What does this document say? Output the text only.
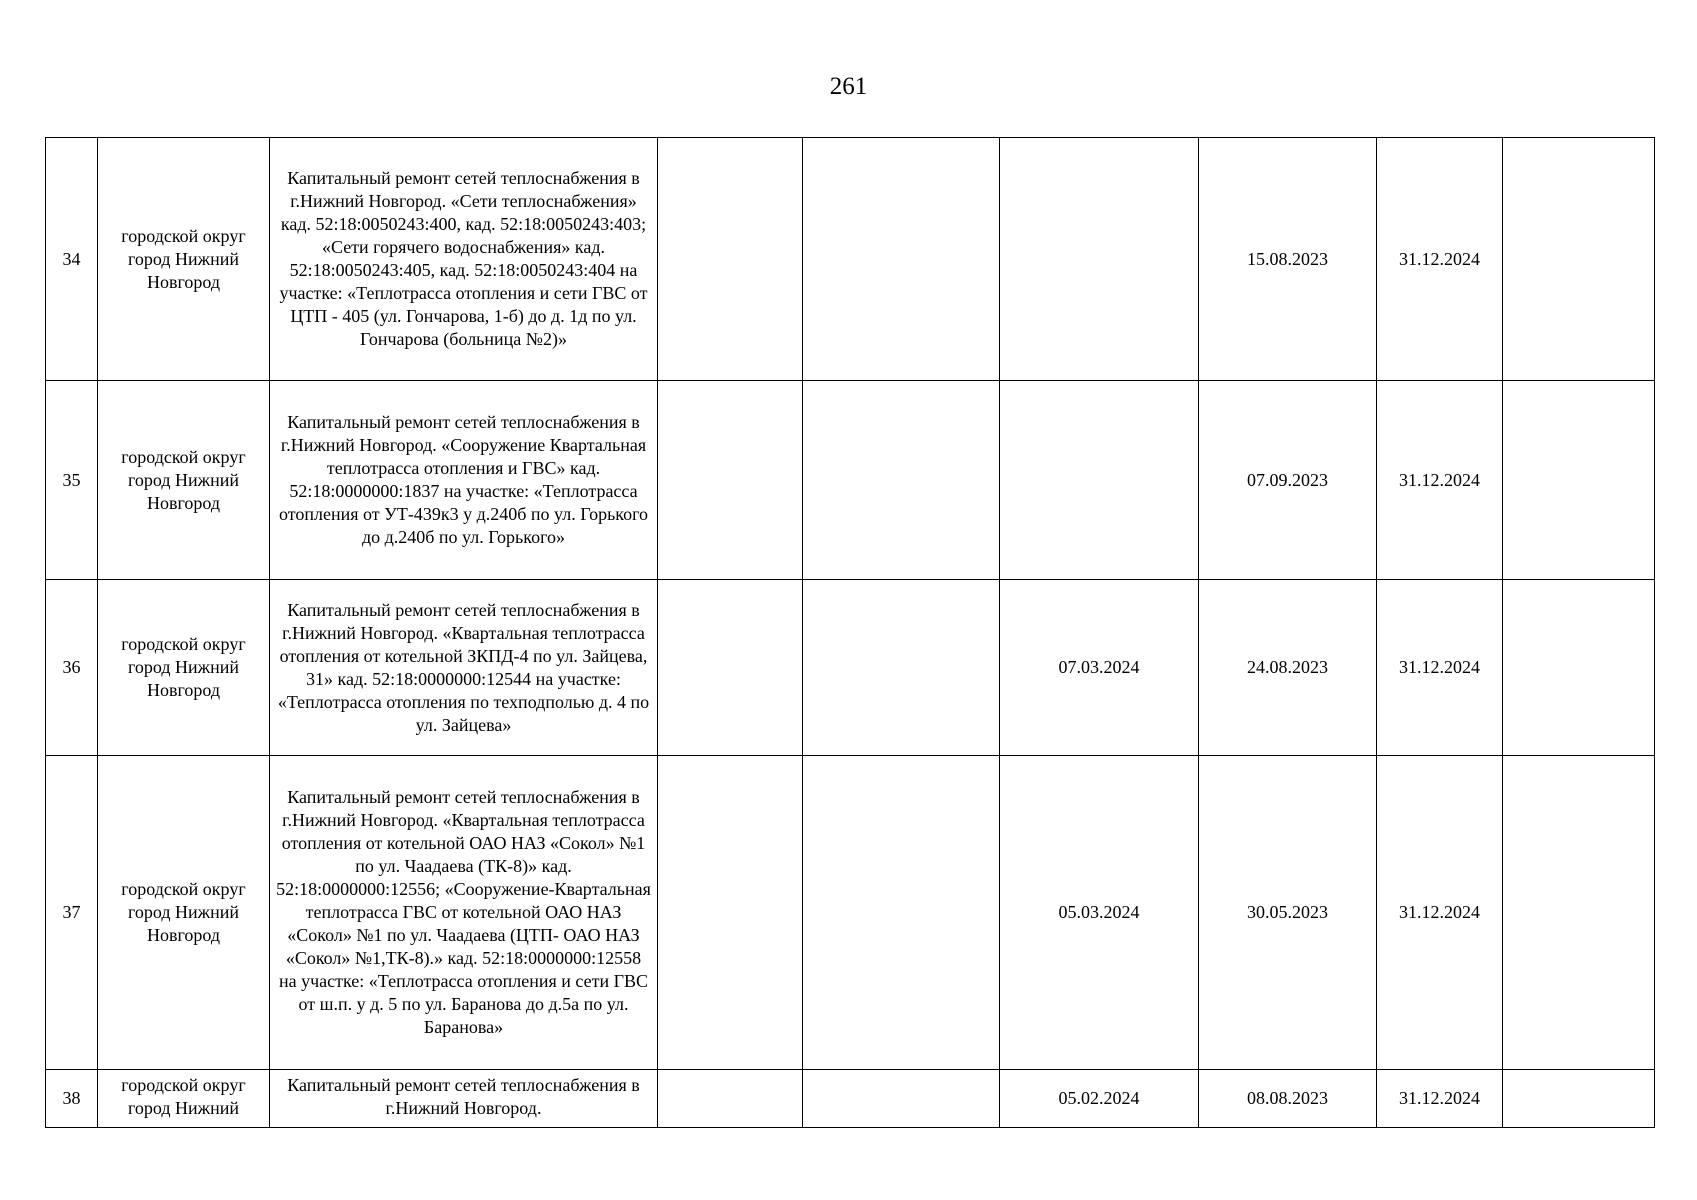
261
34	городской округ город Нижний Новгород	Капитальный ремонт сетей теплоснабжения в г.Нижний Новгород. «Сети теплоснабжения» кад. 52:18:0050243:400, кад. 52:18:0050243:403; «Сети горячего водоснабжения» кад. 52:18:0050243:405, кад. 52:18:0050243:404 на участке: «Теплотрасса отопления и сети ГВС от ЦТП - 405 (ул. Гончарова, 1-б) до д. 1д по ул. Гончарова (больница №2)»				15.08.2023	31.12.2024	
35	городской округ город Нижний Новгород	Капитальный ремонт сетей теплоснабжения в г.Нижний Новгород. «Сооружение Квартальная теплотрасса отопления и ГВС» кад. 52:18:0000000:1837 на участке: «Теплотрасса отопления от УТ-439к3 у д.240б по ул. Горького до д.240б по ул. Горького»				07.09.2023	31.12.2024	
36	городской округ город Нижний Новгород	Капитальный ремонт сетей теплоснабжения в г.Нижний Новгород. «Квартальная теплотрасса отопления от котельной ЗКПД-4 по ул. Зайцева, 31» кад. 52:18:0000000:12544 на участке: «Теплотрасса отопления по техподполью д. 4 по ул. Зайцева»			07.03.2024	24.08.2023	31.12.2024	
37	городской округ город Нижний Новгород	Капитальный ремонт сетей теплоснабжения в г.Нижний Новгород. «Квартальная теплотрасса отопления от котельной ОАО НАЗ «Сокол» №1 по ул. Чаадаева (ТК-8)» кад. 52:18:0000000:12556; «Сооружение-Квартальная теплотрасса ГВС от котельной ОАО НАЗ «Сокол» №1 по ул. Чаадаева (ЦТП- ОАО НАЗ «Сокол» №1,ТК-8).» кад. 52:18:0000000:12558 на участке: «Теплотрасса отопления и сети ГВС от ш.п. у д. 5 по ул. Баранова до д.5а по ул. Баранова»			05.03.2024	30.05.2023	31.12.2024	
38	городской округ город Нижний	Капитальный ремонт сетей теплоснабжения в г.Нижний Новгород.			05.02.2024	08.08.2023	31.12.2024	
